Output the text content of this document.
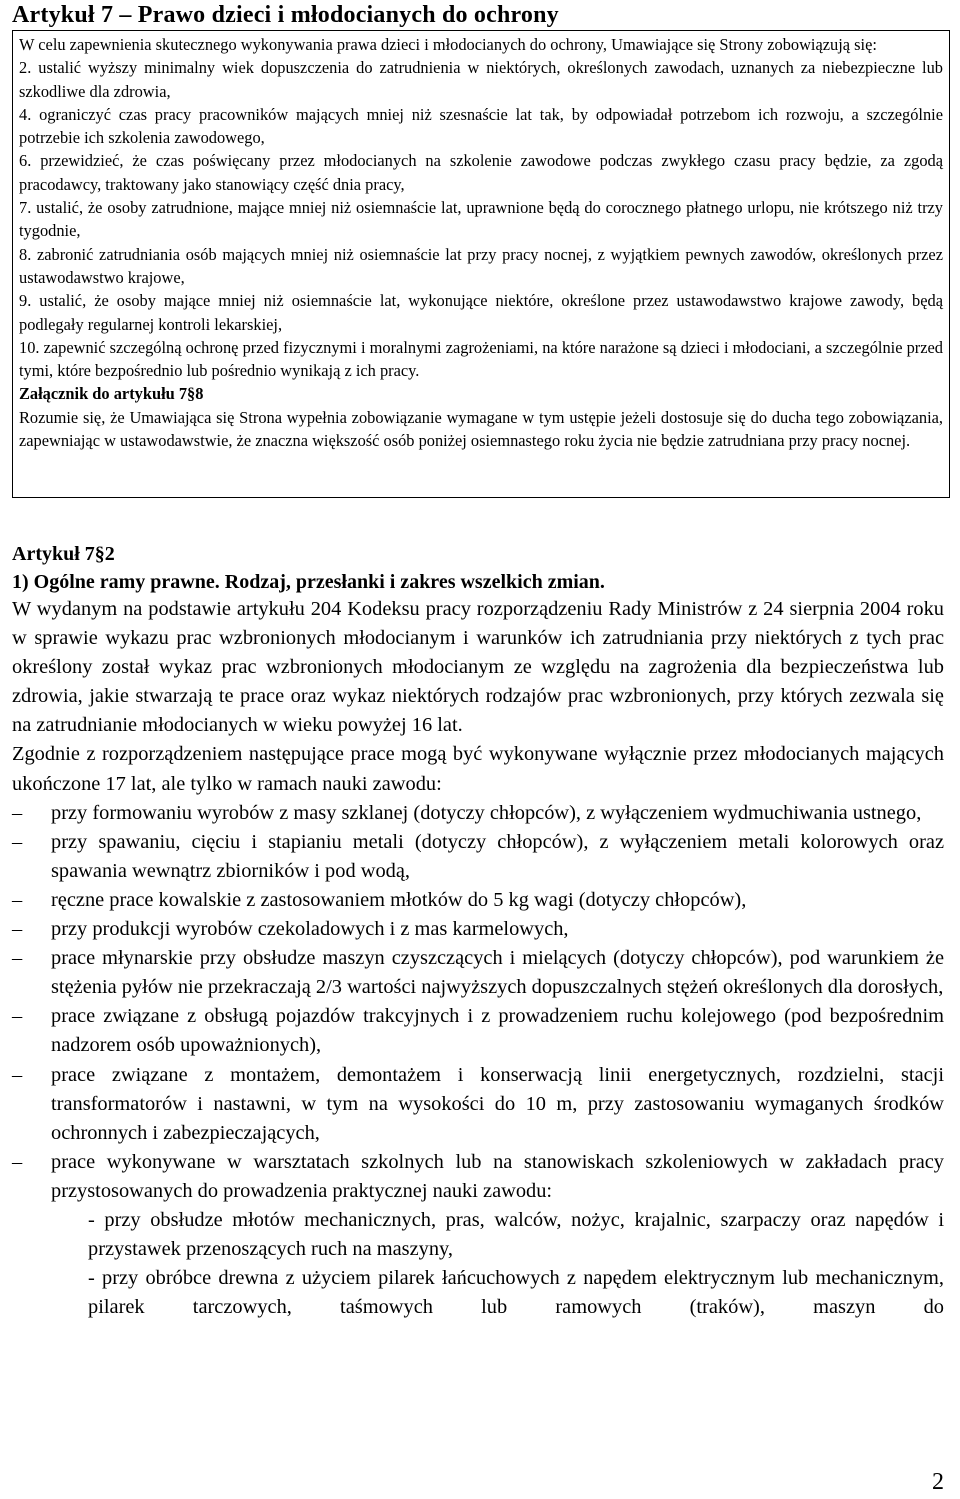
Artykuł 7 – Prawo dzieci i młodocianych do ochrony

W celu zapewnienia skutecznego wykonywania prawa dzieci i młodocianych do ochrony, Umawiające się Strony zobowiązują się:

2. ustalić wyższy minimalny wiek dopuszczenia do zatrudnienia w niektórych, określonych zawodach, uznanych za niebezpieczne lub szkodliwe dla zdrowia,

4. ograniczyć czas pracy pracowników mających mniej niż szesnaście lat tak, by odpowiadał potrzebom ich rozwoju, a szczególnie potrzebie ich szkolenia zawodowego,

6. przewidzieć, że czas poświęcany przez młodocianych na szkolenie zawodowe podczas zwykłego czasu pracy będzie, za zgodą pracodawcy, traktowany jako stanowiący część dnia pracy,

7. ustalić, że osoby zatrudnione, mające mniej niż osiemnaście lat, uprawnione będą do corocznego płatnego urlopu, nie krótszego niż trzy tygodnie,

8. zabronić zatrudniania osób mających mniej niż osiemnaście lat przy pracy nocnej, z wyjątkiem pewnych zawodów, określonych przez ustawodawstwo krajowe,

9. ustalić, że osoby mające mniej niż osiemnaście lat, wykonujące niektóre, określone przez ustawodawstwo krajowe zawody, będą podlegały regularnej kontroli lekarskiej,

10. zapewnić szczególną ochronę przed fizycznymi i moralnymi zagrożeniami, na które narażone są dzieci i młodociani, a szczególnie przed tymi, które bezpośrednio lub pośrednio wynikają z ich pracy.

Załącznik do artykułu 7§8

Rozumie się, że Umawiająca się Strona wypełnia zobowiązanie wymagane w tym ustępie jeżeli dostosuje się do ducha tego zobowiązania, zapewniając w ustawodawstwie, że znaczna większość osób poniżej osiemnastego roku życia nie będzie zatrudniana przy pracy nocnej.

Artykuł 7§2
1) Ogólne ramy prawne. Rodzaj, przesłanki i zakres wszelkich zmian.

W wydanym na podstawie artykułu 204 Kodeksu pracy rozporządzeniu Rady Ministrów z 24 sierpnia 2004 roku w sprawie wykazu prac wzbronionych młodocianym i warunków ich zatrudniania przy niektórych z tych prac określony został wykaz prac wzbronionych młodocianym ze względu na zagrożenia dla bezpieczeństwa lub zdrowia, jakie stwarzają te prace oraz wykaz niektórych rodzajów prac wzbronionych, przy których zezwala się na zatrudnianie młodocianych w wieku powyżej 16 lat.

Zgodnie z rozporządzeniem następujące prace mogą być wykonywane wyłącznie przez młodocianych mających ukończone 17 lat, ale tylko w ramach nauki zawodu:

– przy formowaniu wyrobów z masy szklanej (dotyczy chłopców), z wyłączeniem wydmuchiwania ustnego,
– przy spawaniu, cięciu i stapianiu metali (dotyczy chłopców), z wyłączeniem metali kolorowych oraz spawania wewnątrz zbiorników i pod wodą,
– ręczne prace kowalskie z zastosowaniem młotków do 5 kg wagi (dotyczy chłopców),
– przy produkcji wyrobów czekoladowych i z mas karmelowych,
– prace młynarskie przy obsłudze maszyn czyszczących i mielących (dotyczy chłopców), pod warunkiem że stężenia pyłów nie przekraczają 2/3 wartości najwyższych dopuszczalnych stężeń określonych dla dorosłych,
– prace związane z obsługą pojazdów trakcyjnych i z prowadzeniem ruchu kolejowego (pod bezpośrednim nadzorem osób upoważnionych),
– prace związane z montażem, demontażem i konserwacją linii energetycznych, rozdzielni, stacji transformatorów i nastawni, w tym na wysokości do 10 m, przy zastosowaniu wymaganych środków ochronnych i zabezpieczających,
– prace wykonywane w warsztatach szkolnych lub na stanowiskach szkoleniowych w zakładach pracy przystosowanych do prowadzenia praktycznej nauki zawodu:
- przy obsłudze młotów mechanicznych, pras, walców, nożyc, krajalnic, szarpaczy oraz napędów i przystawek przenoszących ruch na maszyny,
- przy obróbce drewna z użyciem pilarek łańcuchowych z napędem elektrycznym lub mechanicznym, pilarek tarczowych, taśmowych lub ramowych (traków), maszyn do
2
